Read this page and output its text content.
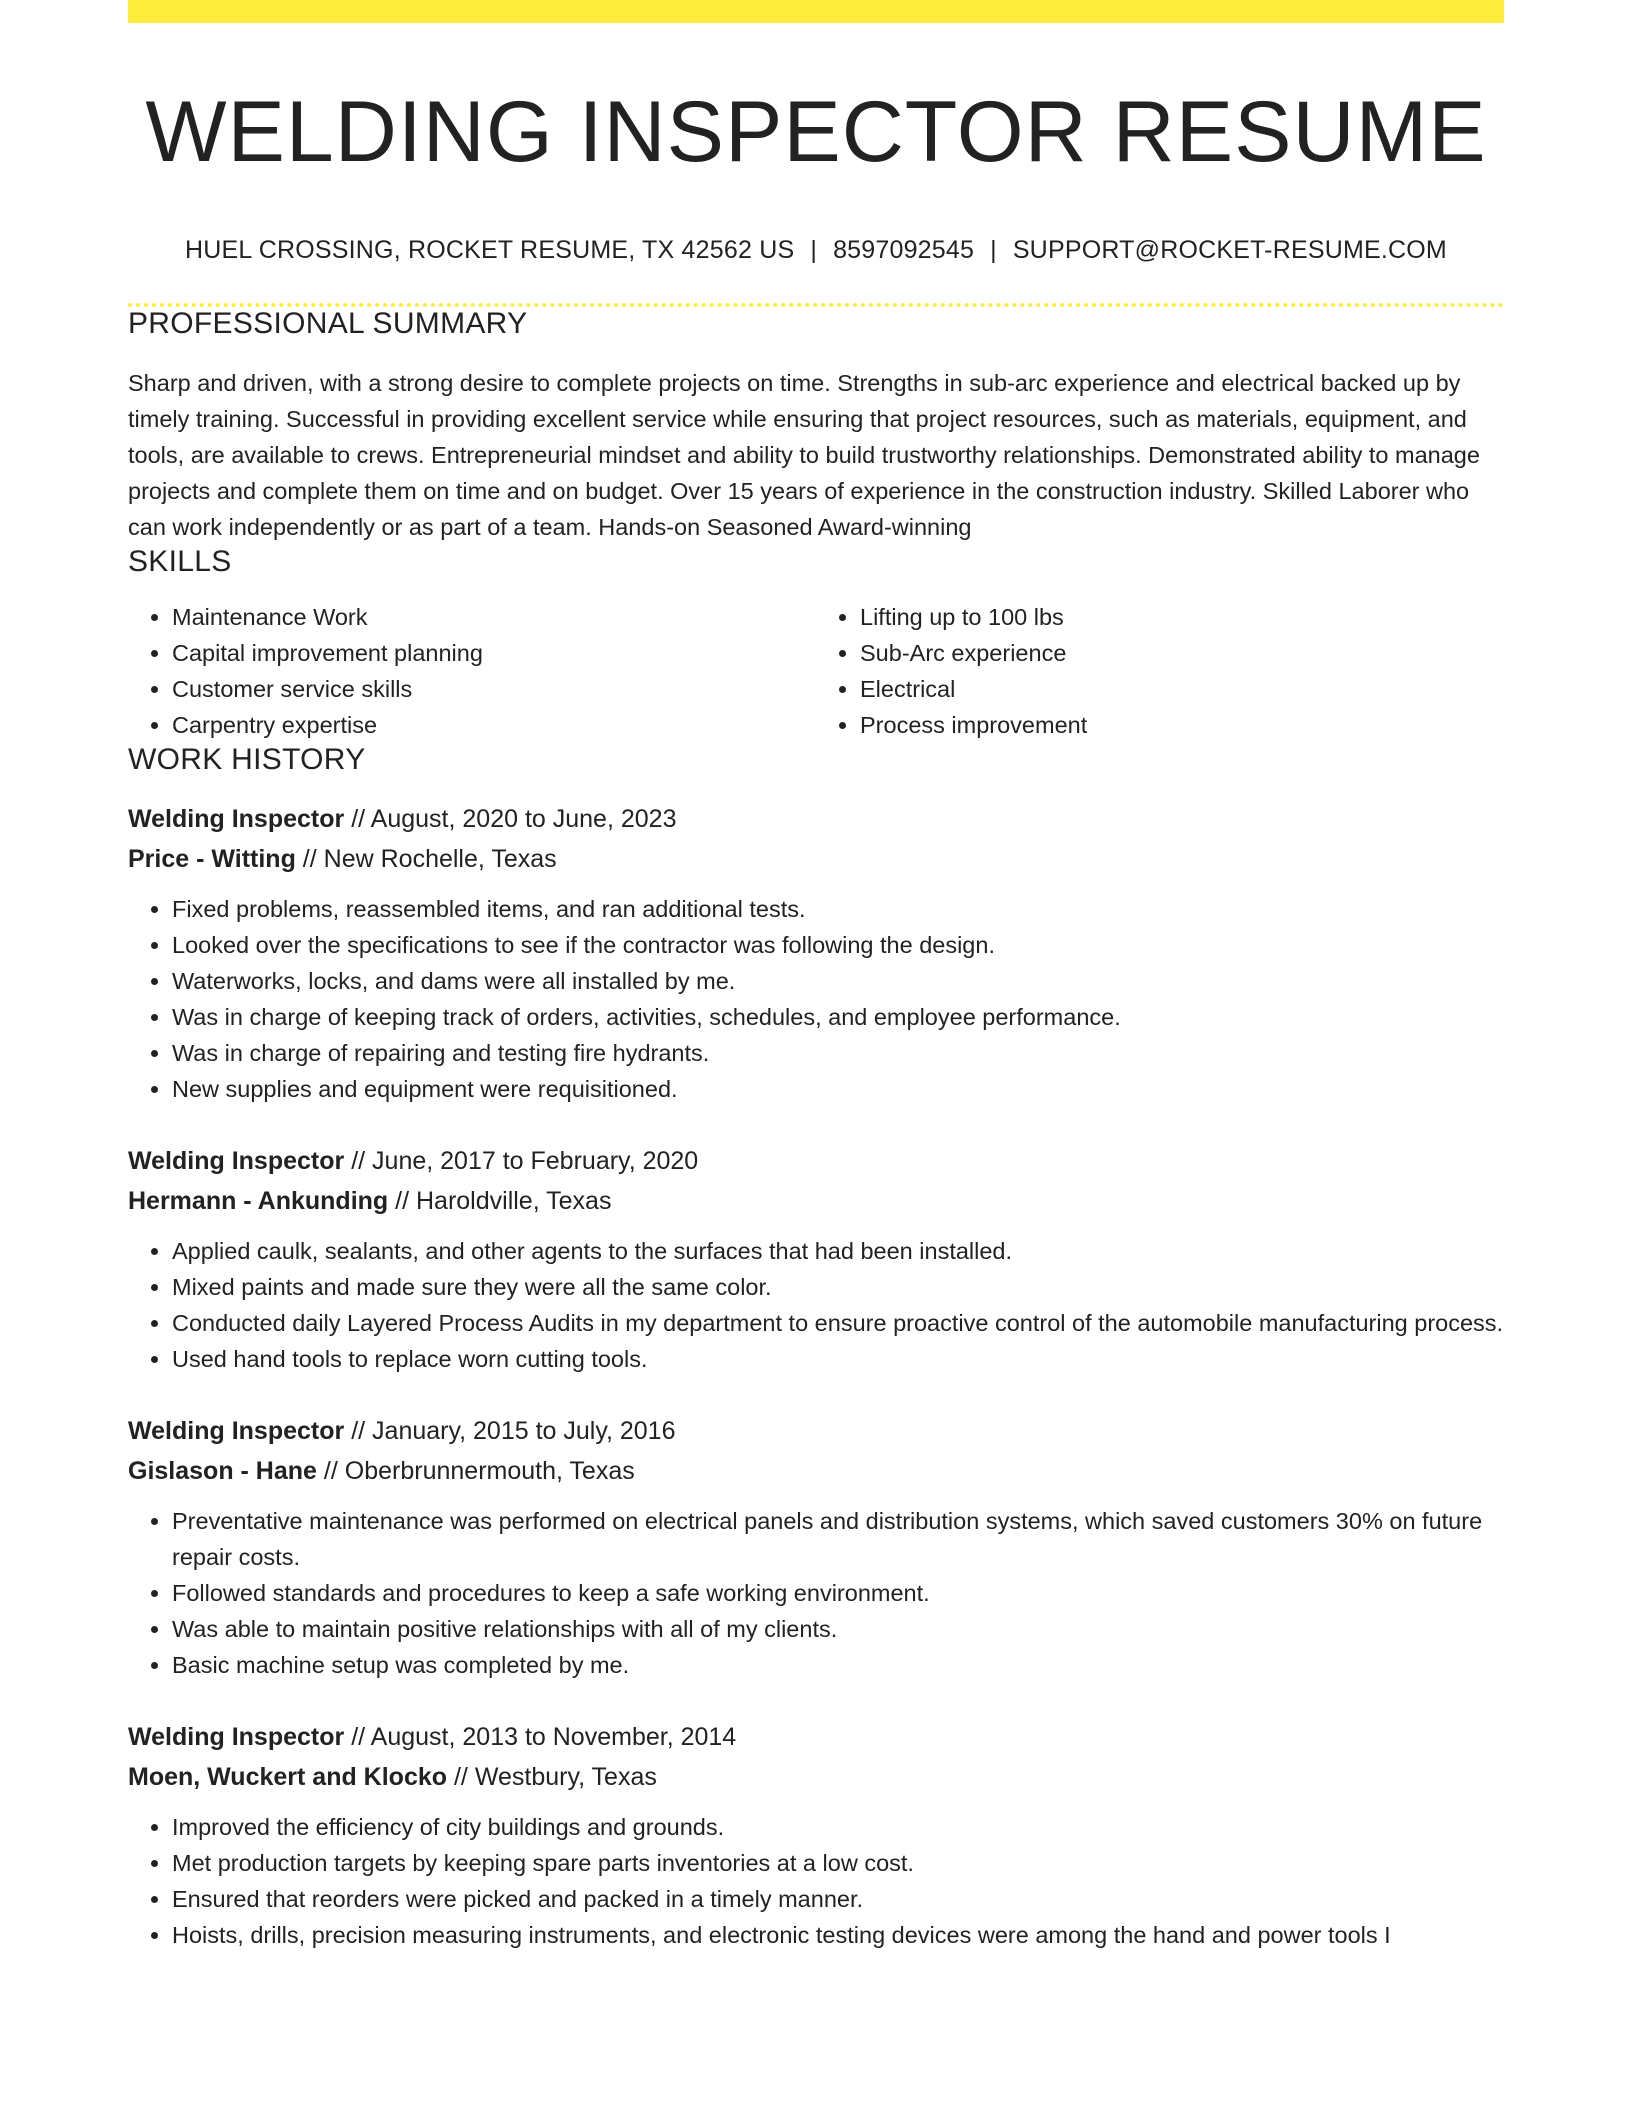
WELDING INSPECTOR RESUME
HUEL CROSSING, ROCKET RESUME, TX 42562 US | 8597092545 | SUPPORT@ROCKET-RESUME.COM
PROFESSIONAL SUMMARY
Sharp and driven, with a strong desire to complete projects on time. Strengths in sub-arc experience and electrical backed up by timely training. Successful in providing excellent service while ensuring that project resources, such as materials, equipment, and tools, are available to crews. Entrepreneurial mindset and ability to build trustworthy relationships. Demonstrated ability to manage projects and complete them on time and on budget. Over 15 years of experience in the construction industry. Skilled Laborer who can work independently or as part of a team. Hands-on Seasoned Award-winning
SKILLS
• Maintenance Work
• Capital improvement planning
• Customer service skills
• Carpentry expertise
• Lifting up to 100 lbs
• Sub-Arc experience
• Electrical
• Process improvement
WORK HISTORY
Welding Inspector // August, 2020 to June, 2023
Price - Witting // New Rochelle, Texas
• Fixed problems, reassembled items, and ran additional tests.
• Looked over the specifications to see if the contractor was following the design.
• Waterworks, locks, and dams were all installed by me.
• Was in charge of keeping track of orders, activities, schedules, and employee performance.
• Was in charge of repairing and testing fire hydrants.
• New supplies and equipment were requisitioned.
Welding Inspector // June, 2017 to February, 2020
Hermann - Ankunding // Haroldville, Texas
• Applied caulk, sealants, and other agents to the surfaces that had been installed.
• Mixed paints and made sure they were all the same color.
• Conducted daily Layered Process Audits in my department to ensure proactive control of the automobile manufacturing process.
• Used hand tools to replace worn cutting tools.
Welding Inspector // January, 2015 to July, 2016
Gislason - Hane // Oberbrunnermouth, Texas
• Preventative maintenance was performed on electrical panels and distribution systems, which saved customers 30% on future repair costs.
• Followed standards and procedures to keep a safe working environment.
• Was able to maintain positive relationships with all of my clients.
• Basic machine setup was completed by me.
Welding Inspector // August, 2013 to November, 2014
Moen, Wuckert and Klocko // Westbury, Texas
• Improved the efficiency of city buildings and grounds.
• Met production targets by keeping spare parts inventories at a low cost.
• Ensured that reorders were picked and packed in a timely manner.
• Hoists, drills, precision measuring instruments, and electronic testing devices were among the hand and power tools I
